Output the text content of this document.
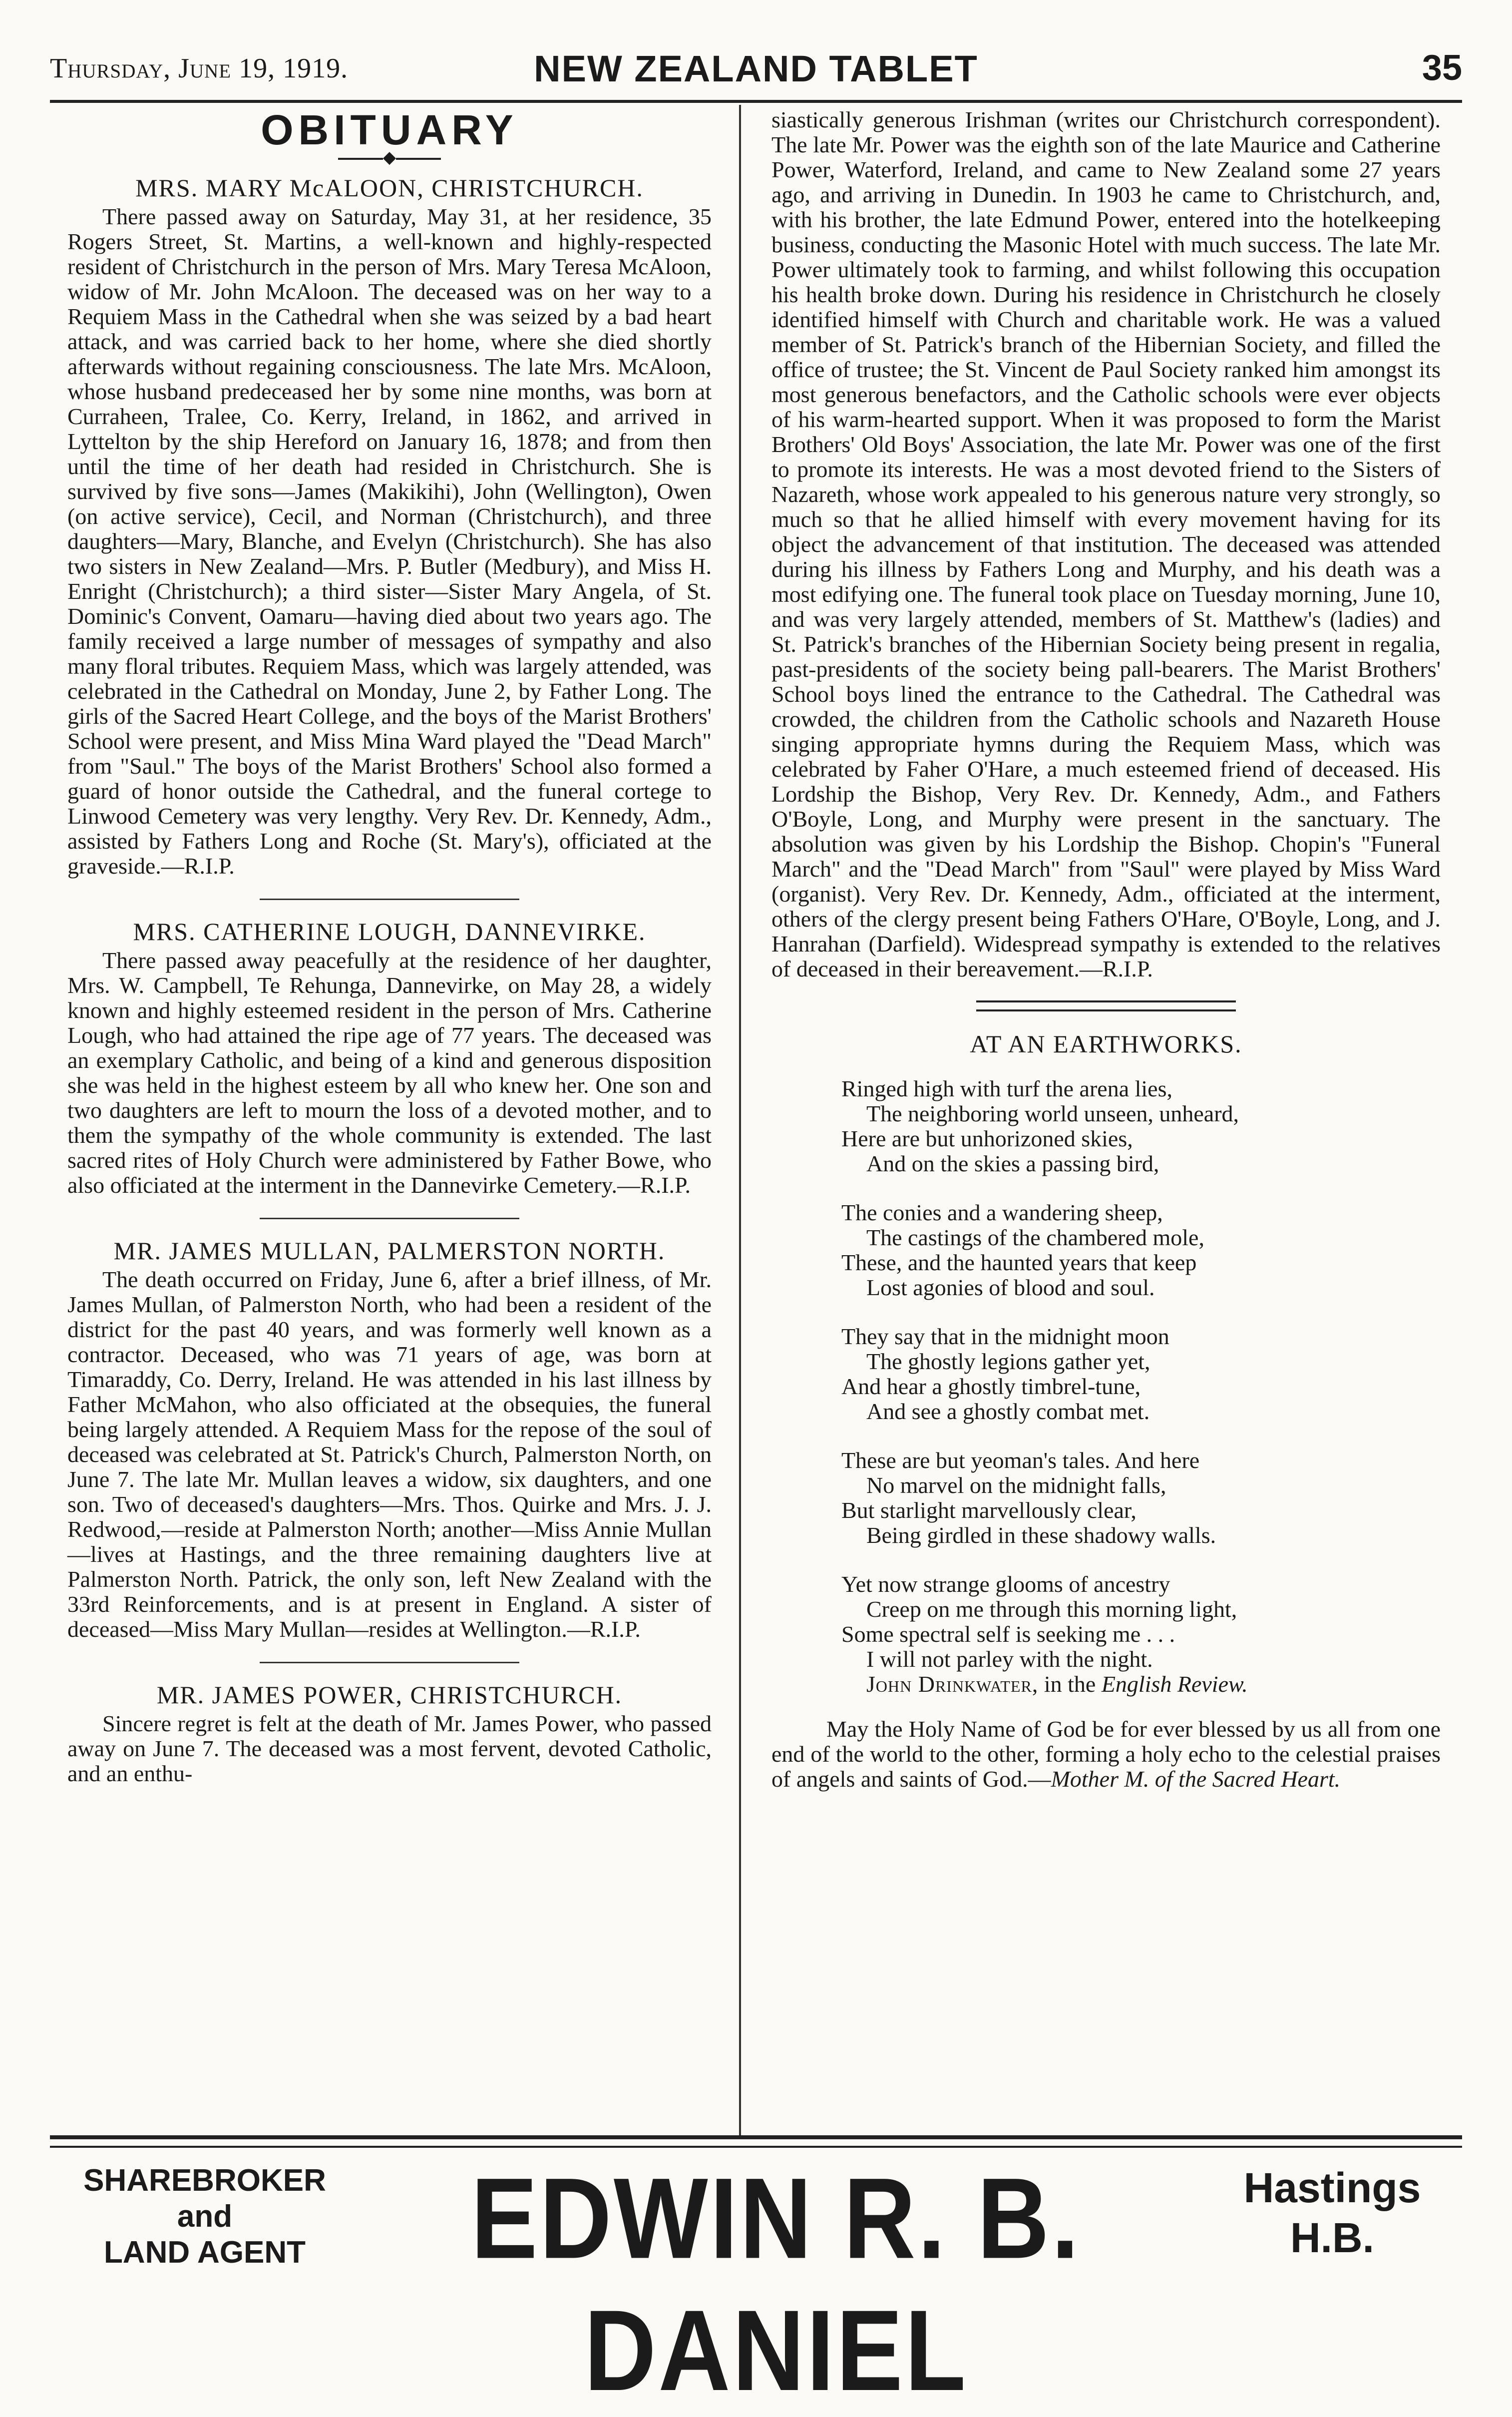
Thursday, June 19, 1919.	NEW ZEALAND TABLET	35
OBITUARY
◆
MRS. MARY McALOON, CHRISTCHURCH.

There passed away on Saturday, May 31, at her residence, 35 Rogers Street, St. Martins, a well-known and highly-respected resident of Christchurch in the person of Mrs. Mary Teresa McAloon, widow of Mr. John McAloon. The deceased was on her way to a Requiem Mass in the Cathedral when she was seized by a bad heart attack, and was carried back to her home, where she died shortly afterwards without regaining consciousness. The late Mrs. McAloon, whose husband predeceased her by some nine months, was born at Curraheen, Tralee, Co. Kerry, Ireland, in 1862, and arrived in Lyttelton by the ship Hereford on January 16, 1878; and from then until the time of her death had resided in Christchurch. She is survived by five sons—James (Makikihi), John (Wellington), Owen (on active service), Cecil, and Norman (Christchurch), and three daughters—Mary, Blanche, and Evelyn (Christchurch). She has also two sisters in New Zealand—Mrs. P. Butler (Medbury), and Miss H. Enright (Christchurch); a third sister—Sister Mary Angela, of St. Dominic's Convent, Oamaru—having died about two years ago. The family received a large number of messages of sympathy and also many floral tributes. Requiem Mass, which was largely attended, was celebrated in the Cathedral on Monday, June 2, by Father Long. The girls of the Sacred Heart College, and the boys of the Marist Brothers' School were present, and Miss Mina Ward played the "Dead March" from "Saul." The boys of the Marist Brothers' School also formed a guard of honor outside the Cathedral, and the funeral cortege to Linwood Cemetery was very lengthy. Very Rev. Dr. Kennedy, Adm., assisted by Fathers Long and Roche (St. Mary's), officiated at the graveside.—R.I.P.

MRS. CATHERINE LOUGH, DANNEVIRKE.

There passed away peacefully at the residence of her daughter, Mrs. W. Campbell, Te Rehunga, Dannevirke, on May 28, a widely known and highly esteemed resident in the person of Mrs. Catherine Lough, who had attained the ripe age of 77 years. The deceased was an exemplary Catholic, and being of a kind and generous disposition she was held in the highest esteem by all who knew her. One son and two daughters are left to mourn the loss of a devoted mother, and to them the sympathy of the whole community is extended. The last sacred rites of Holy Church were administered by Father Bowe, who also officiated at the interment in the Dannevirke Cemetery.—R.I.P.

MR. JAMES MULLAN, PALMERSTON NORTH.

The death occurred on Friday, June 6, after a brief illness, of Mr. James Mullan, of Palmerston North, who had been a resident of the district for the past 40 years, and was formerly well known as a contractor. Deceased, who was 71 years of age, was born at Timaraddy, Co. Derry, Ireland. He was attended in his last illness by Father McMahon, who also officiated at the obsequies, the funeral being largely attended. A Requiem Mass for the repose of the soul of deceased was celebrated at St. Patrick's Church, Palmerston North, on June 7. The late Mr. Mullan leaves a widow, six daughters, and one son. Two of deceased's daughters—Mrs. Thos. Quirke and Mrs. J. J. Redwood,—reside at Palmerston North; another—Miss Annie Mullan—lives at Hastings, and the three remaining daughters live at Palmerston North. Patrick, the only son, left New Zealand with the 33rd Reinforcements, and is at present in England. A sister of deceased—Miss Mary Mullan—resides at Wellington.—R.I.P.

MR. JAMES POWER, CHRISTCHURCH.

Sincere regret is felt at the death of Mr. James Power, who passed away on June 7. The deceased was a most fervent, devoted Catholic, and an enthu-

siastically generous Irishman (writes our Christchurch correspondent). The late Mr. Power was the eighth son of the late Maurice and Catherine Power, Waterford, Ireland, and came to New Zealand some 27 years ago, and arriving in Dunedin. In 1903 he came to Christchurch, and, with his brother, the late Edmund Power, entered into the hotelkeeping business, conducting the Masonic Hotel with much success. The late Mr. Power ultimately took to farming, and whilst following this occupation his health broke down. During his residence in Christchurch he closely identified himself with Church and charitable work. He was a valued member of St. Patrick's branch of the Hibernian Society, and filled the office of trustee; the St. Vincent de Paul Society ranked him amongst its most generous benefactors, and the Catholic schools were ever objects of his warm-hearted support. When it was proposed to form the Marist Brothers' Old Boys' Association, the late Mr. Power was one of the first to promote its interests. He was a most devoted friend to the Sisters of Nazareth, whose work appealed to his generous nature very strongly, so much so that he allied himself with every movement having for its object the advancement of that institution. The deceased was attended during his illness by Fathers Long and Murphy, and his death was a most edifying one. The funeral took place on Tuesday morning, June 10, and was very largely attended, members of St. Matthew's (ladies) and St. Patrick's branches of the Hibernian Society being present in regalia, past-presidents of the society being pall-bearers. The Marist Brothers' School boys lined the entrance to the Cathedral. The Cathedral was crowded, the children from the Catholic schools and Nazareth House singing appropriate hymns during the Requiem Mass, which was celebrated by Faher O'Hare, a much esteemed friend of deceased. His Lordship the Bishop, Very Rev. Dr. Kennedy, Adm., and Fathers O'Boyle, Long, and Murphy were present in the sanctuary. The absolution was given by his Lordship the Bishop. Chopin's "Funeral March" and the "Dead March" from "Saul" were played by Miss Ward (organist). Very Rev. Dr. Kennedy, Adm., officiated at the interment, others of the clergy present being Fathers O'Hare, O'Boyle, Long, and J. Hanrahan (Darfield). Widespread sympathy is extended to the relatives of deceased in their bereavement.—R.I.P.

AT AN EARTHWORKS.
Ringed high with turf the arena lies,
The neighboring world unseen, unheard,
Here are but unhorizoned skies,
And on the skies a passing bird,
The conies and a wandering sheep,
The castings of the chambered mole,
These, and the haunted years that keep
Lost agonies of blood and soul.
They say that in the midnight moon
The ghostly legions gather yet,
And hear a ghostly timbrel-tune,
And see a ghostly combat met.
These are but yeoman's tales. And here
No marvel on the midnight falls,
But starlight marvellously clear,
Being girdled in these shadowy walls.
Yet now strange glooms of ancestry
Creep on me through this morning light,
Some spectral self is seeking me . . .
I will not parley with the night.
John Drinkwater, in the English Review.

May the Holy Name of God be for ever blessed by us all from one end of the world to the other, forming a holy echo to the celestial praises of angels and saints of God.—Mother M. of the Sacred Heart.

SHAREBROKER
and
LAND AGENT	EDWIN R. B. DANIEL
Hastings
H.B.
